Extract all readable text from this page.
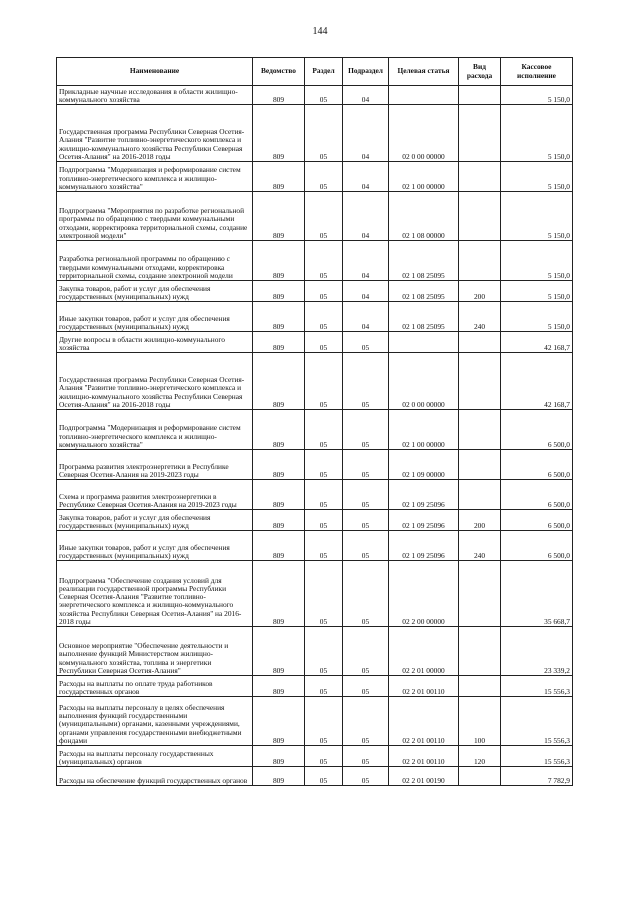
144
Наименование	Ведомство	Раздел	Подраздел	Целевая статья	Вид расхода	Кассовое исполнение
Прикладные научные исследования в области жилищно-коммунального хозяйства	809	05	04			5 150,0
Государственная программа Республики Северная Осетия-Алания "Развитие топливно-энергетического комплекса и жилищно-коммунального хозяйства Республики Северная Осетия-Алания" на 2016-2018 годы	809	05	04	02 0 00 00000		5 150,0
Подпрограмма "Модернизация и реформирование систем топливно-энергетического комплекса и жилищно-коммунального хозяйства"	809	05	04	02 1 00 00000		5 150,0
Подпрограмма "Мероприятия по разработке региональной программы по обращению с твердыми коммунальными отходами, корректировка территориальной схемы, создание электронной модели"	809	05	04	02 1 08 00000		5 150,0
Разработка региональной программы по обращению с твердыми коммунальными отходами, корректировка территориальной схемы, создание электронной модели	809	05	04	02 1 08 25095		5 150,0
Закупка товаров, работ и услуг для обеспечения государственных (муниципальных) нужд	809	05	04	02 1 08 25095	200	5 150,0
Иные закупки товаров, работ и услуг для обеспечения государственных (муниципальных) нужд	809	05	04	02 1 08 25095	240	5 150,0
Другие вопросы в области жилищно-коммунального хозяйства	809	05	05			42 168,7
Государственная программа Республики Северная Осетия-Алания "Развитие топливно-энергетического комплекса и жилищно-коммунального хозяйства Республики Северная Осетия-Алания" на 2016-2018 годы	809	05	05	02 0 00 00000		42 168,7
Подпрограмма "Модернизация и реформирование систем топливно-энергетического комплекса и жилищно-коммунального хозяйства"	809	05	05	02 1 00 00000		6 500,0
Программа развития электроэнергетики в Республике Северная Осетия-Алания на 2019-2023 годы	809	05	05	02 1 09 00000		6 500,0
Схема и программа развития электроэнергетики в Республике Северная Осетия-Алания на 2019-2023 годы	809	05	05	02 1 09 25096		6 500,0
Закупка товаров, работ и услуг для обеспечения государственных (муниципальных) нужд	809	05	05	02 1 09 25096	200	6 500,0
Иные закупки товаров, работ и услуг для обеспечения государственных (муниципальных) нужд	809	05	05	02 1 09 25096	240	6 500,0
Подпрограмма "Обеспечение создания условий для реализации государственной программы Республики Северная Осетия-Алания "Развитие топливно-энергетического комплекса и жилищно-коммунального хозяйства Республики Северная Осетия-Алания" на 2016-2018 годы	809	05	05	02 2 00 00000		35 668,7
Основное мероприятие "Обеспечение деятельности и выполнение функций Министерством жилищно-коммунального хозяйства, топлива и энергетики Республики Северная Осетия-Алания"	809	05	05	02 2 01 00000		23 339,2
Расходы на выплаты по оплате труда работников государственных органов	809	05	05	02 2 01 00110		15 556,3
Расходы на выплаты персоналу в целях обеспечения выполнения функций государственными (муниципальными) органами, казенными учреждениями, органами управления государственными внебюджетными фондами	809	05	05	02 2 01 00110	100	15 556,3
Расходы на выплаты персоналу государственных (муниципальных) органов	809	05	05	02 2 01 00110	120	15 556,3
Расходы на обеспечение функций государственных органов	809	05	05	02 2 01 00190		7 782,9
